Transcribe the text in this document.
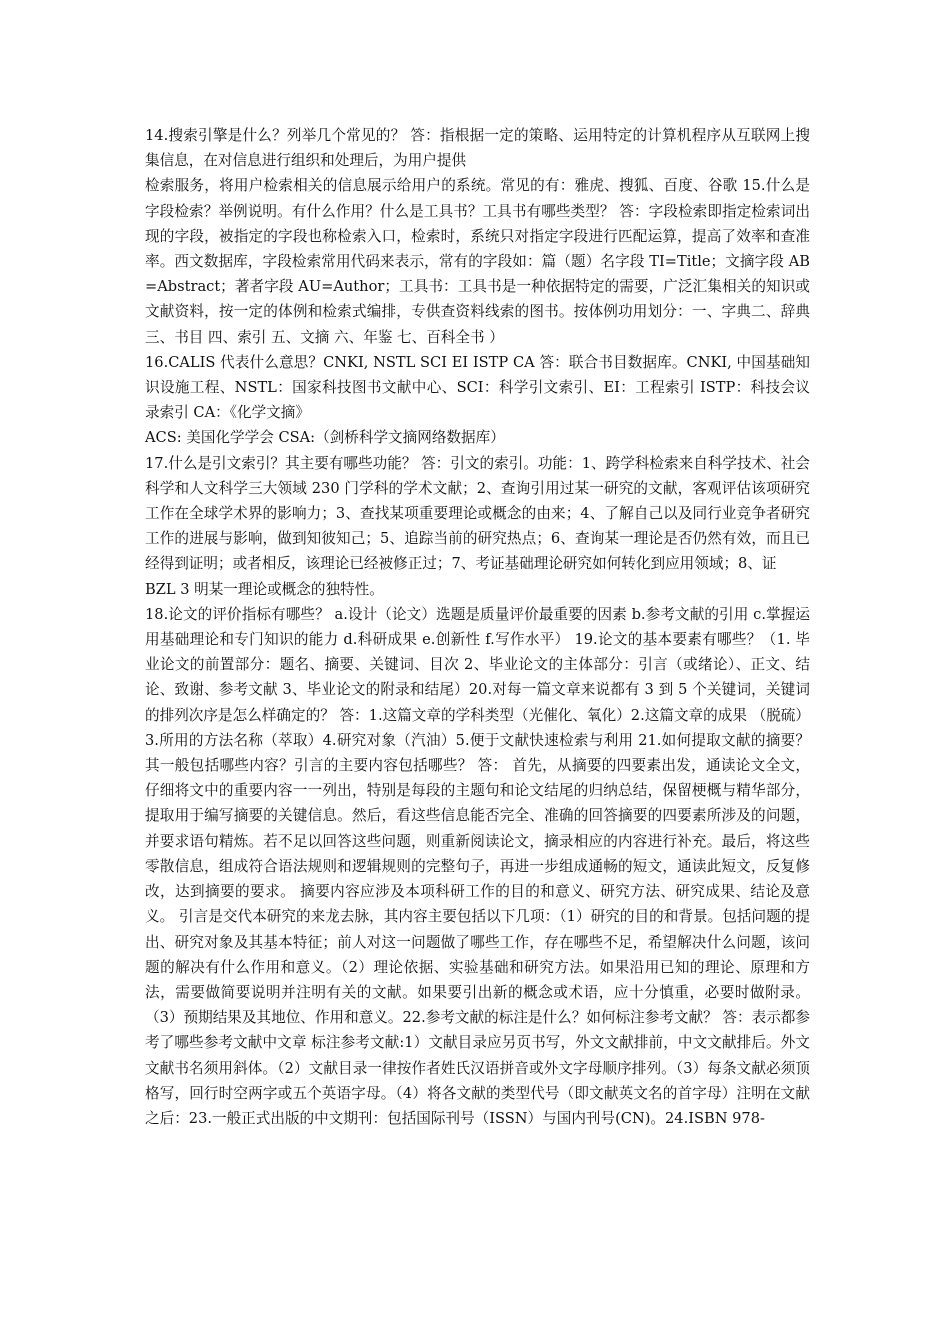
14.搜索引擎是什么？列举几个常见的？ 答：指根据一定的策略、运用特定的计算机程序从互联网上搜集信息，在对信息进行组织和处理后，为用户提供

检索服务，将用户检索相关的信息展示给用户的系统。常见的有：雅虎、搜狐、百度、谷歌 15.什么是字段检索？举例说明。有什么作用？什么是工具书？工具书有哪些类型？ 答：字段检索即指定检索词出现的字段，被指定的字段也称检索入口，检索时，系统只对指定字段进行匹配运算，提高了效率和查准率。西文数据库，字段检索常用代码来表示，常有的字段如：篇（题）名字段 TI=Title；文摘字段 AB=Abstract；著者字段 AU=Author；工具书：工具书是一种依据特定的需要，广泛汇集相关的知识或文献资料，按一定的体例和检索式编排，专供查资料线索的图书。按体例功用划分：一、字典二、辞典 三、书目 四、索引 五、文摘 六、年鉴 七、百科全书 ）

16.CALIS 代表什么意思？CNKI, NSTL SCI EI ISTP CA 答：联合书目数据库。CNKI, 中国基础知识设施工程、NSTL：国家科技图书文献中心、SCI：科学引文索引、EI：工程索引 ISTP：科技会议录索引 CA：《化学文摘》

ACS: 美国化学学会 CSA:（剑桥科学文摘网络数据库）

17.什么是引文索引？其主要有哪些功能？ 答：引文的索引。功能：1、跨学科检索来自科学技术、社会科学和人文科学三大领域 230 门学科的学术文献；2、查询引用过某一研究的文献，客观评估该项研究工作在全球学术界的影响力；3、查找某项重要理论或概念的由来；4、了解自己以及同行业竞争者研究工作的进展与影响，做到知彼知己；5、追踪当前的研究热点；6、查询某一理论是否仍然有效，而且已经得到证明；或者相反，该理论已经被修正过；7、考证基础理论研究如何转化到应用领域；8、证

BZL 3 明某一理论或概念的独特性。

18.论文的评价指标有哪些？ a.设计（论文）选题是质量评价最重要的因素 b.参考文献的引用 c.掌握运用基础理论和专门知识的能力 d.科研成果 e.创新性 f.写作水平） 19.论文的基本要素有哪些？（1. 毕业论文的前置部分：题名、摘要、关键词、目次 2、毕业论文的主体部分：引言（或绪论）、正文、结论、致谢、参考文献 3、毕业论文的附录和结尾）20.对每一篇文章来说都有 3 到 5 个关键词，关键词的排列次序是怎么样确定的？ 答：1.这篇文章的学科类型（光催化、氧化）2.这篇文章的成果 （脱硫）3.所用的方法名称（萃取）4.研究对象（汽油）5.便于文献快速检索与利用 21.如何提取文献的摘要？其一般包括哪些内容？引言的主要内容包括哪些？ 答： 首先，从摘要的四要素出发，通读论文全文，仔细将文中的重要内容一一列出，特别是每段的主题句和论文结尾的归纳总结，保留梗概与精华部分，提取用于编写摘要的关键信息。然后，看这些信息能否完全、准确的回答摘要的四要素所涉及的问题，并要求语句精炼。若不足以回答这些问题，则重新阅读论文，摘录相应的内容进行补充。最后，将这些零散信息，组成符合语法规则和逻辑规则的完整句子，再进一步组成通畅的短文，通读此短文，反复修改，达到摘要的要求。 摘要内容应涉及本项科研工作的目的和意义、研究方法、研究成果、结论及意义。 引言是交代本研究的来龙去脉，其内容主要包括以下几项：（1）研究的目的和背景。包括问题的提出、研究对象及其基本特征；前人对这一问题做了哪些工作，存在哪些不足，希望解决什么问题，该问题的解决有什么作用和意义。（2）理论依据、实验基础和研究方法。如果沿用已知的理论、原理和方法，需要做简要说明并注明有关的文献。如果要引出新的概念或术语，应十分慎重，必要时做附录。 （3）预期结果及其地位、作用和意义。22.参考文献的标注是什么？如何标注参考文献？ 答：表示都参考了哪些参考文献中文章 标注参考文献:1）文献目录应另页书写，外文文献排前，中文文献排后。外文文献书名须用斜体。（2）文献目录一律按作者姓氏汉语拼音或外文字母顺序排列。（3）每条文献必须顶格写，回行时空两字或五个英语字母。（4）将各文献的类型代号（即文献英文名的首字母）注明在文献之后：23.一般正式出版的中文期刊：包括国际刊号（ISSN）与国内刊号(CN)。24.ISBN 978-
